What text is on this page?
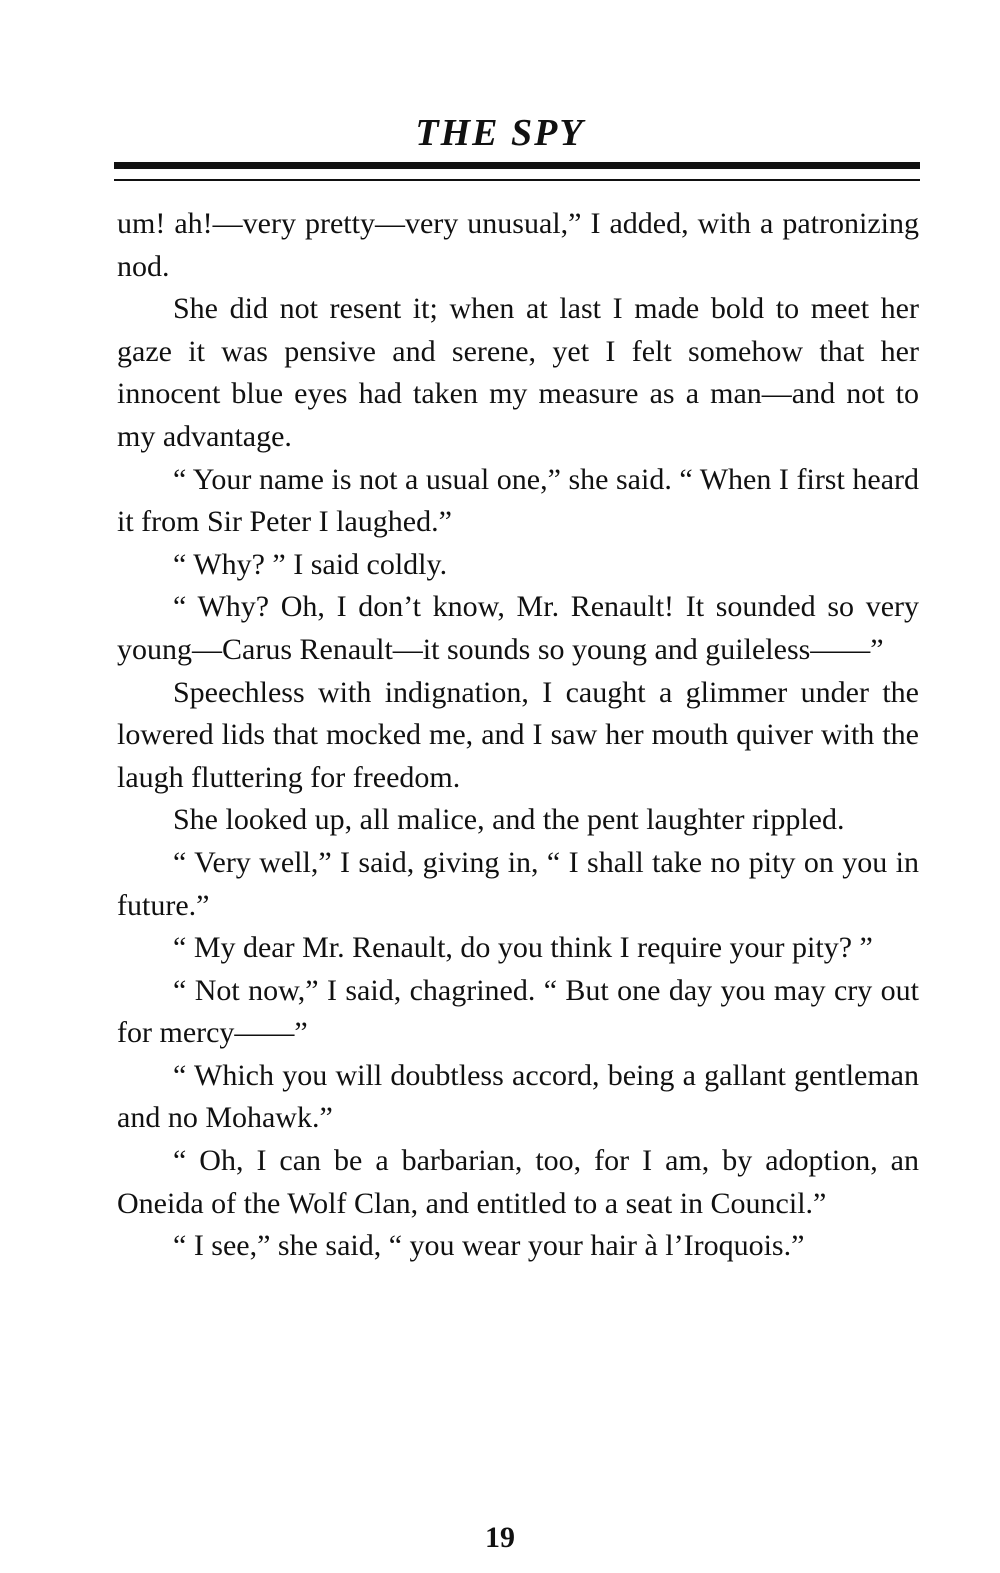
THE SPY

um! ah!—very pretty—very unusual,” I added, with a patronizing nod.

She did not resent it; when at last I made bold to meet her gaze it was pensive and serene, yet I felt somehow that her innocent blue eyes had taken my measure as a man—and not to my advantage.

“ Your name is not a usual one,” she said. “ When I first heard it from Sir Peter I laughed.”

“ Why? ” I said coldly.

“ Why? Oh, I don’t know, Mr. Renault! It sounded so very young—Carus Renault—it sounds so young and guileless——”

Speechless with indignation, I caught a glimmer under the lowered lids that mocked me, and I saw her mouth quiver with the laugh fluttering for freedom.

She looked up, all malice, and the pent laughter rippled.

“ Very well,” I said, giving in, “ I shall take no pity on you in future.”

“ My dear Mr. Renault, do you think I require your pity? ”

“ Not now,” I said, chagrined. “ But one day you may cry out for mercy——”

“ Which you will doubtless accord, being a gallant gentleman and no Mohawk.”

“ Oh, I can be a barbarian, too, for I am, by adoption, an Oneida of the Wolf Clan, and entitled to a seat in Council.”

“ I see,” she said, “ you wear your hair à l’Iroquois.”

19
